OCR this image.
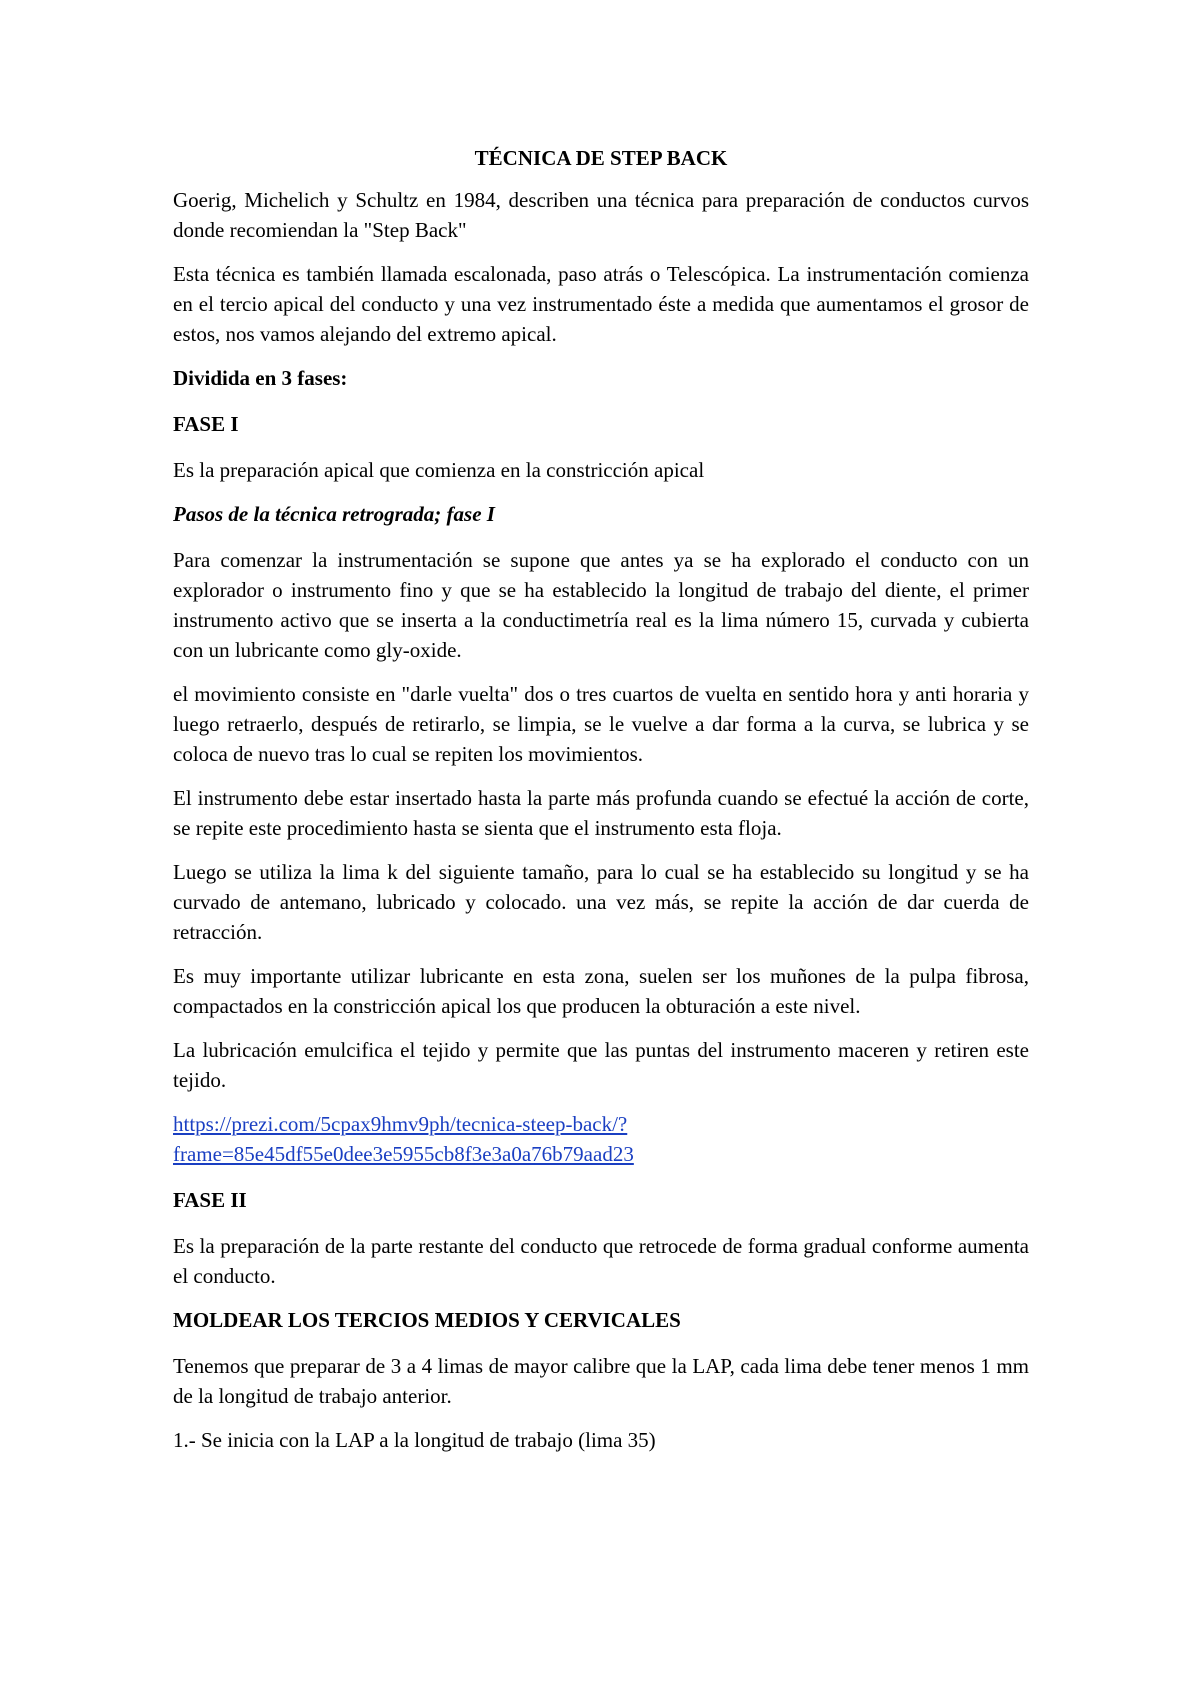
TÉCNICA DE STEP BACK

Goerig, Michelich y Schultz en 1984, describen una técnica para preparación de conductos curvos donde recomiendan la "Step Back"

Esta técnica es también llamada escalonada, paso atrás o Telescópica. La instrumentación comienza en el tercio apical del conducto y una vez instrumentado éste a medida que aumentamos el grosor de estos, nos vamos alejando del extremo apical.

Dividida en 3 fases:
FASE I

Es la preparación apical que comienza en la constricción apical

Pasos de la técnica retrograda; fase I

Para comenzar la instrumentación se supone que antes ya se ha explorado el conducto con un explorador o instrumento fino y que se ha establecido la longitud de trabajo del diente, el primer instrumento activo que se inserta a la conductimetría real es la lima número 15, curvada y cubierta con un lubricante como gly-oxide.

el movimiento consiste en "darle vuelta" dos o tres cuartos de vuelta en sentido hora y anti horaria y luego retraerlo, después de retirarlo, se limpia, se le vuelve a dar forma a la curva, se lubrica y se coloca de nuevo tras lo cual se repiten los movimientos.

El instrumento debe estar insertado hasta la parte más profunda cuando se efectué la acción de corte, se repite este procedimiento hasta se sienta que el instrumento esta floja.

Luego se utiliza la lima k del siguiente tamaño, para lo cual se ha establecido su longitud y se ha curvado de antemano, lubricado y colocado. una vez más, se repite la acción de dar cuerda de retracción.

Es muy importante utilizar lubricante en esta zona, suelen ser los muñones de la pulpa fibrosa, compactados en la constricción apical los que producen la obturación a este nivel.

La lubricación emulcifica el tejido y permite que las puntas del instrumento maceren y retiren este tejido.

https://prezi.com/5cpax9hmv9ph/tecnica-steep-back/?
frame=85e45df55e0dee3e5955cb8f3e3a0a76b79aad23
FASE II

Es la preparación de la parte restante del conducto que retrocede de forma gradual conforme aumenta el conducto.

MOLDEAR LOS TERCIOS MEDIOS Y CERVICALES

Tenemos que preparar de 3 a 4 limas de mayor calibre que la LAP, cada lima debe tener menos 1 mm de la longitud de trabajo anterior.

1.- Se inicia con la LAP a la longitud de trabajo (lima 35)
